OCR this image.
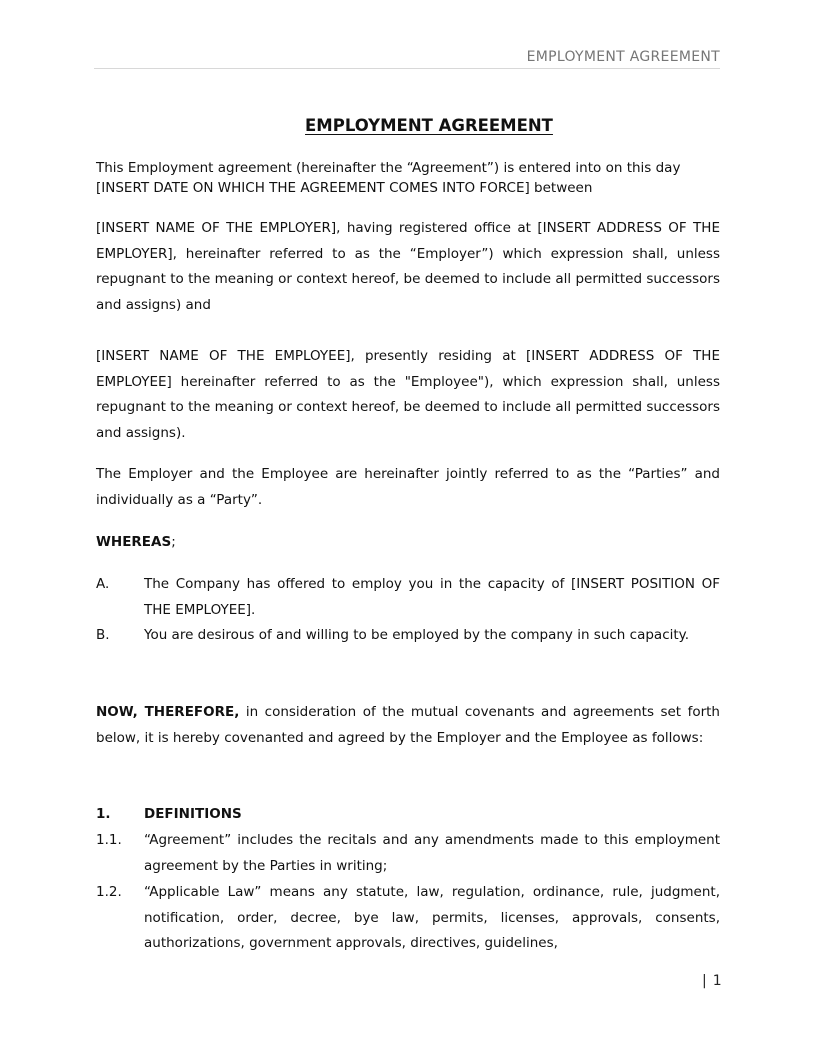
EMPLOYMENT AGREEMENT
EMPLOYMENT AGREEMENT
This Employment agreement (hereinafter the “Agreement”) is entered into on this day [INSERT DATE ON WHICH THE AGREEMENT COMES INTO FORCE] between
[INSERT NAME OF THE EMPLOYER], having registered office at [INSERT ADDRESS OF THE EMPLOYER], hereinafter referred to as the “Employer”) which expression shall, unless repugnant to the meaning or context hereof, be deemed to include all permitted successors and assigns) and
[INSERT NAME OF THE EMPLOYEE], presently residing at [INSERT ADDRESS OF THE EMPLOYEE] hereinafter referred to as the "Employee"), which expression shall, unless repugnant to the meaning or context hereof, be deemed to include all permitted successors and assigns).
The Employer and the Employee are hereinafter jointly referred to as the “Parties” and individually as a “Party”.
WHEREAS;
A.	The Company has offered to employ you in the capacity of [INSERT POSITION OF THE EMPLOYEE].
B.	You are desirous of and willing to be employed by the company in such capacity.
NOW, THEREFORE, in consideration of the mutual covenants and agreements set forth below, it is hereby covenanted and agreed by the Employer and the Employee as follows:
1.	DEFINITIONS
1.1.	“Agreement” includes the recitals and any amendments made to this employment agreement by the Parties in writing;
1.2.	“Applicable Law” means any statute, law, regulation, ordinance, rule, judgment, notification, order, decree, bye law, permits, licenses, approvals, consents, authorizations, government approvals, directives, guidelines,
| 1
